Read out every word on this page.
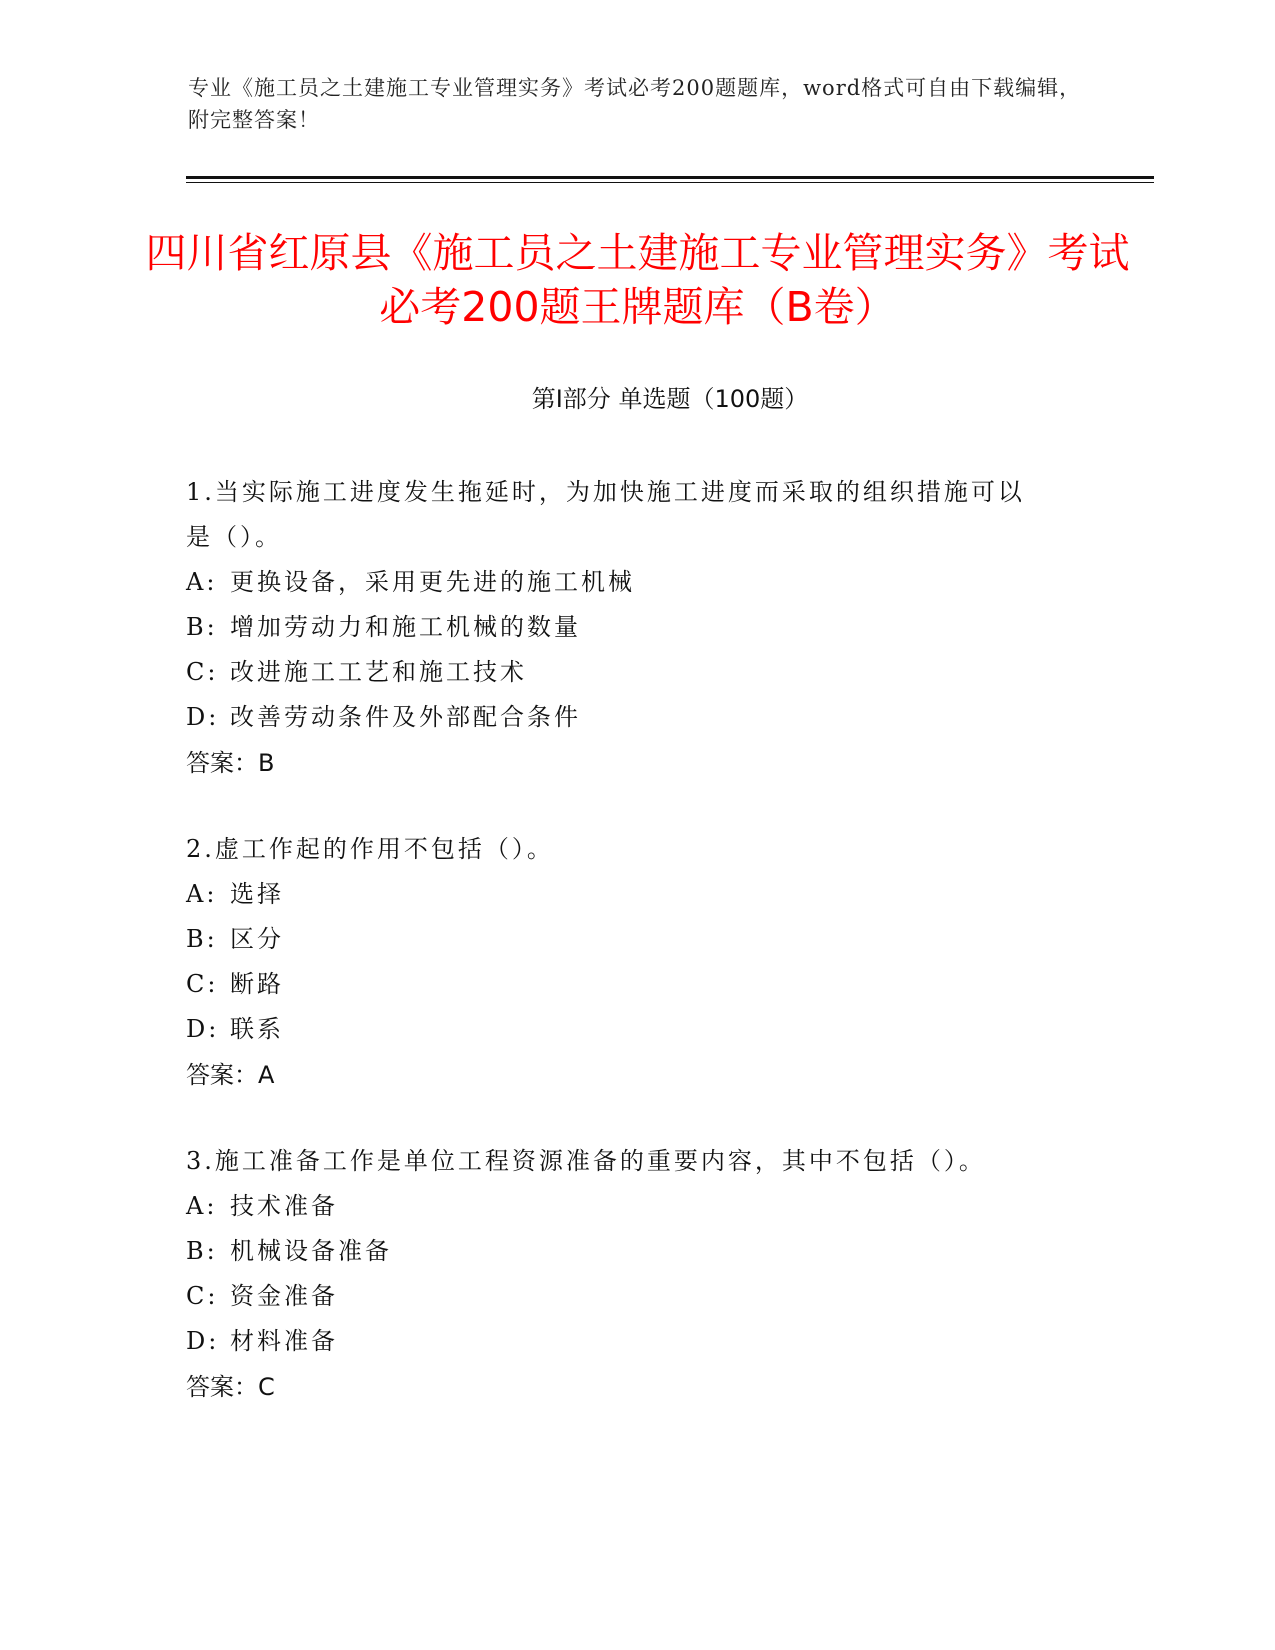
专业《施工员之土建施工专业管理实务》考试必考200题题库，word格式可自由下载编辑，附完整答案！
四川省红原县《施工员之土建施工专业管理实务》考试必考200题王牌题库（B卷）
第I部分 单选题（100题）

1.当实际施工进度发生拖延时，为加快施工进度而采取的组织措施可以是（）。

A: 更换设备，采用更先进的施工机械

B: 增加劳动力和施工机械的数量

C: 改进施工工艺和施工技术

D: 改善劳动条件及外部配合条件

答案：B

2.虚工作起的作用不包括（）。

A: 选择

B: 区分

C: 断路

D: 联系

答案：A

3.施工准备工作是单位工程资源准备的重要内容，其中不包括（）。

A: 技术准备

B: 机械设备准备

C: 资金准备

D: 材料准备

答案：C
